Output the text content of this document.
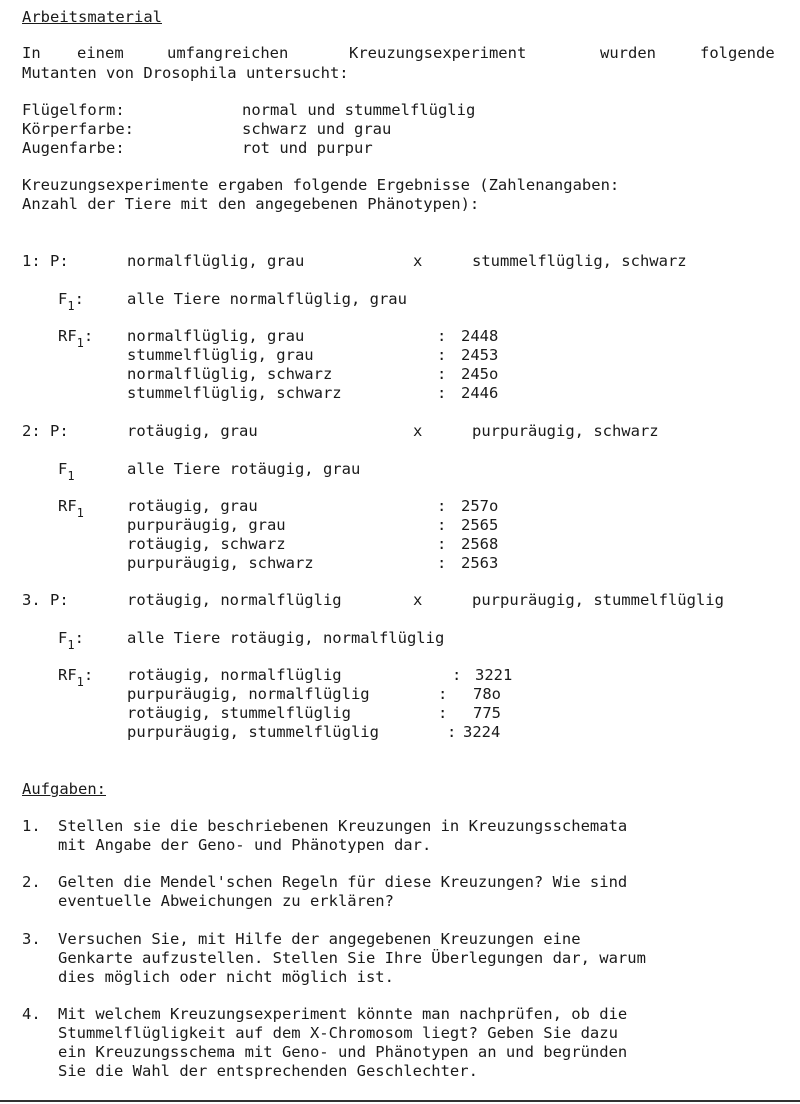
Arbeitsmaterial
In einem	umfangreichen	Kreuzungsexperiment	wurden	folgende
Mutanten von Drosophila untersucht:
Flügelform:	normal und stummelflüglig
Körperfarbe:	schwarz und grau
Augenfarbe:	rot und purpur
Kreuzungsexperimente ergaben folgende Ergebnisse (Zahlenangaben:
Anzahl der Tiere mit den angegebenen Phänotypen):
1: P:	normalflüglig, grau	x	stummelflüglig, schwarz
$F_1$:	alle Tiere normalflüglig, grau
$RF_1$: normalflüglig, grau	: 2448
stummelflüglig, grau	: 2453
normalflüglig, schwarz	: 245o
stummelflüglig, schwarz	: 2446
2: P:	rotäugig, grau	x	purpuräugig, schwarz
$F_1$	alle Tiere rotäugig, grau
$RF_1$	rotäugig, grau	: 257o
purpuräugig, grau	: 2565
rotäugig, schwarz	: 2568
purpuräugig, schwarz	: 2563
3. P:	rotäugig, normalflüglig	x	purpuräugig, stummelflüglig
$F_1$:	alle Tiere rotäugig, normalflüglig
$RF_1$: rotäugig, normalflüglig	: 3221
purpuräugig, normalflüglig	: 78o
rotäugig, stummelflüglig	: 775
purpuräugig, stummelflüglig	: 3224
Aufgaben:
1. Stellen sie die beschriebenen Kreuzungen in Kreuzungsschemata
mit Angabe der Geno- und Phänotypen dar.
2. Gelten die Mendel'schen Regeln für diese Kreuzungen? Wie sind
eventuelle Abweichungen zu erklären?
3. Versuchen Sie, mit Hilfe der angegebenen Kreuzungen eine
Genkarte aufzustellen. Stellen Sie Ihre Überlegungen dar, warum
dies möglich oder nicht möglich ist.
4. Mit welchem Kreuzungsexperiment könnte man nachprüfen, ob die
Stummelflügligkeit auf dem X-Chromosom liegt? Geben Sie dazu
ein Kreuzungsschema mit Geno- und Phänotypen an und begründen
Sie die Wahl der entsprechenden Geschlechter.
